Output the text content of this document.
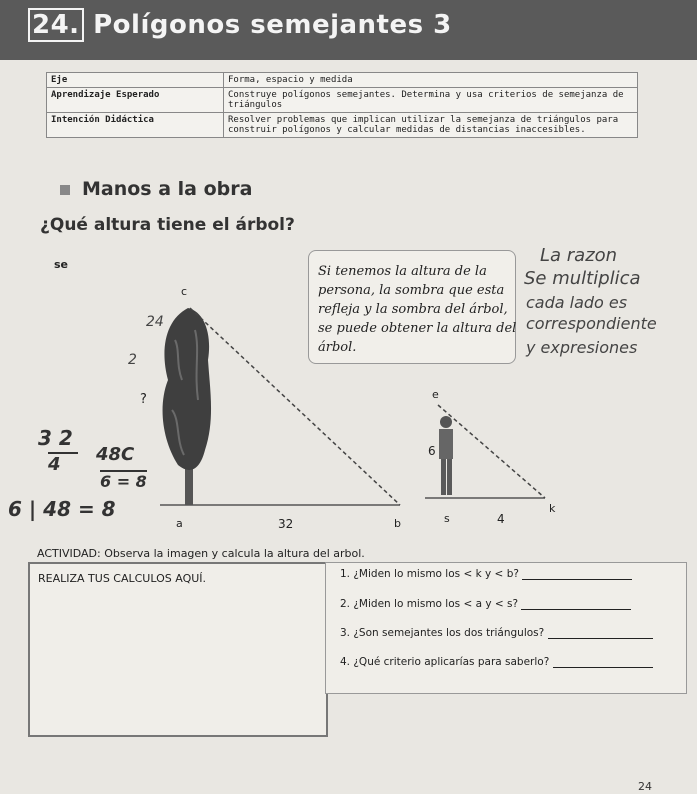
24. Polígonos semejantes 3
Eje	Forma, espacio y medida
Aprendizaje Esperado	Construye polígonos semejantes. Determina y usa criterios de semejanza de triángulos
Intención Didáctica	Resolver problemas que implican utilizar la semejanza de triángulos para construir polígonos y calcular medidas de distancias inaccesibles.
Manos a la obra
¿Qué altura tiene el árbol?
se	Si tenemos la altura de la persona, la sombra que esta refleja y la sombra del árbol, se puede obtener la altura del árbol.
c
?
a	32	b
e
6
s	4
k
La razon
Se multiplica
cada lado es
correspondiente
y expresiones
2
24
3 2
4	48C
6 = 8
6 | 48 = 8
ACTIVIDAD: Observa la imagen y calcula la altura del arbol.
REALIZA TUS CALCULOS AQUÍ.	1. ¿Miden lo mismo los < k y < b?
2. ¿Miden lo mismo los < a y < s?
3. ¿Son semejantes los dos triángulos?
4. ¿Qué criterio aplicarías para saberlo?
24
